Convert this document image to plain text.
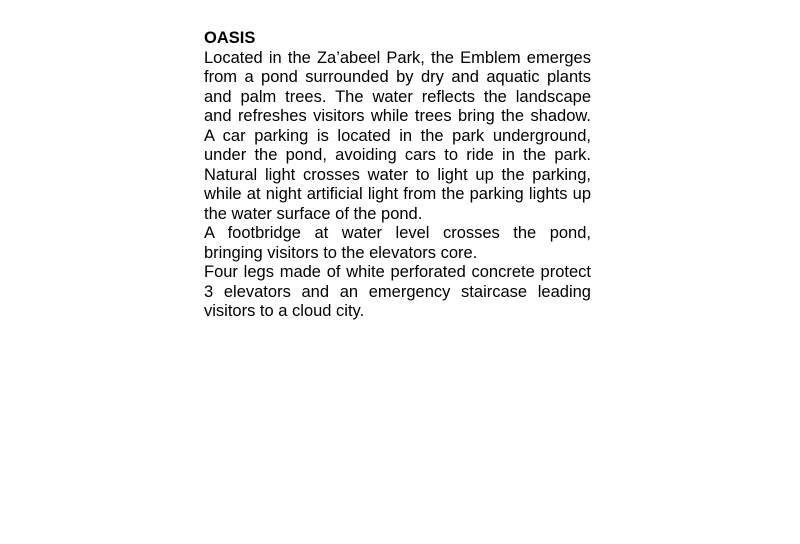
OASIS

Located in the Za’abeel Park, the Emblem emerges from a pond surrounded by dry and aquatic plants and palm trees. The water reflects the landscape and refreshes visitors while trees bring the shadow. A car parking is located in the park underground, under the pond, avoiding cars to ride in the park. Natural light crosses water to light up the parking, while at night artificial light from the parking lights up the water surface of the pond.

A footbridge at water level crosses the pond, bringing visitors to the elevators core.

Four legs made of white perforated concrete protect 3 elevators and an emergency staircase leading visitors to a cloud city.
